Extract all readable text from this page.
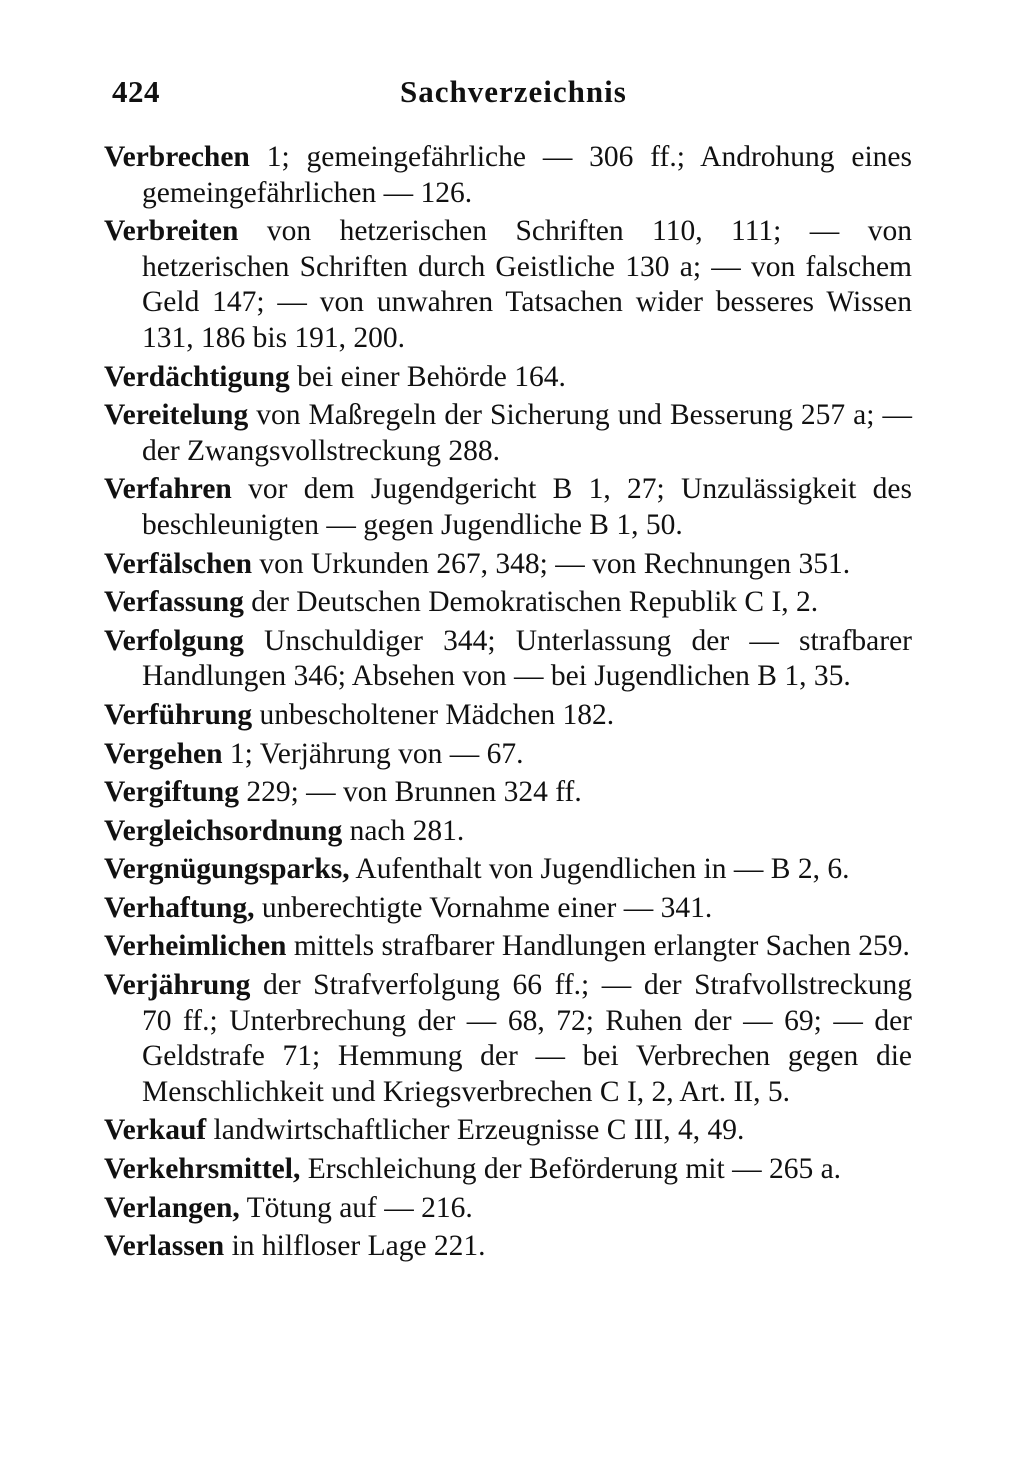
424	Sachverzeichnis
Verbrechen 1; gemeingefährliche — 306 ff.; Androhung eines gemeingefährlichen — 126.
Verbreiten von hetzerischen Schriften 110, 111; — von hetzerischen Schriften durch Geistliche 130 a; — von falschem Geld 147; — von unwahren Tatsachen wider besseres Wissen 131, 186 bis 191, 200.
Verdächtigung bei einer Behörde 164.
Vereitelung von Maßregeln der Sicherung und Besserung 257 a; — der Zwangsvollstreckung 288.
Verfahren vor dem Jugendgericht B 1, 27; Unzulässigkeit des beschleunigten — gegen Jugendliche B 1, 50.
Verfälschen von Urkunden 267, 348; — von Rechnungen 351.
Verfassung der Deutschen Demokratischen Republik C I, 2.
Verfolgung Unschuldiger 344; Unterlassung der — strafbarer Handlungen 346; Absehen von — bei Jugendlichen B 1, 35.
Verführung unbescholtener Mädchen 182.
Vergehen 1; Verjährung von — 67.
Vergiftung 229; — von Brunnen 324 ff.
Vergleichsordnung nach 281.
Vergnügungsparks, Aufenthalt von Jugendlichen in — B 2, 6.
Verhaftung, unberechtigte Vornahme einer — 341.
Verheimlichen mittels strafbarer Handlungen erlangter Sachen 259.
Verjährung der Strafverfolgung 66 ff.; — der Strafvollstreckung 70 ff.; Unterbrechung der — 68, 72; Ruhen der — 69; — der Geldstrafe 71; Hemmung der — bei Verbrechen gegen die Menschlichkeit und Kriegsverbrechen C I, 2, Art. II, 5.
Verkauf landwirtschaftlicher Erzeugnisse C III, 4, 49.
Verkehrsmittel, Erschleichung der Beförderung mit — 265 a.
Verlangen, Tötung auf — 216.
Verlassen in hilfloser Lage 221.
